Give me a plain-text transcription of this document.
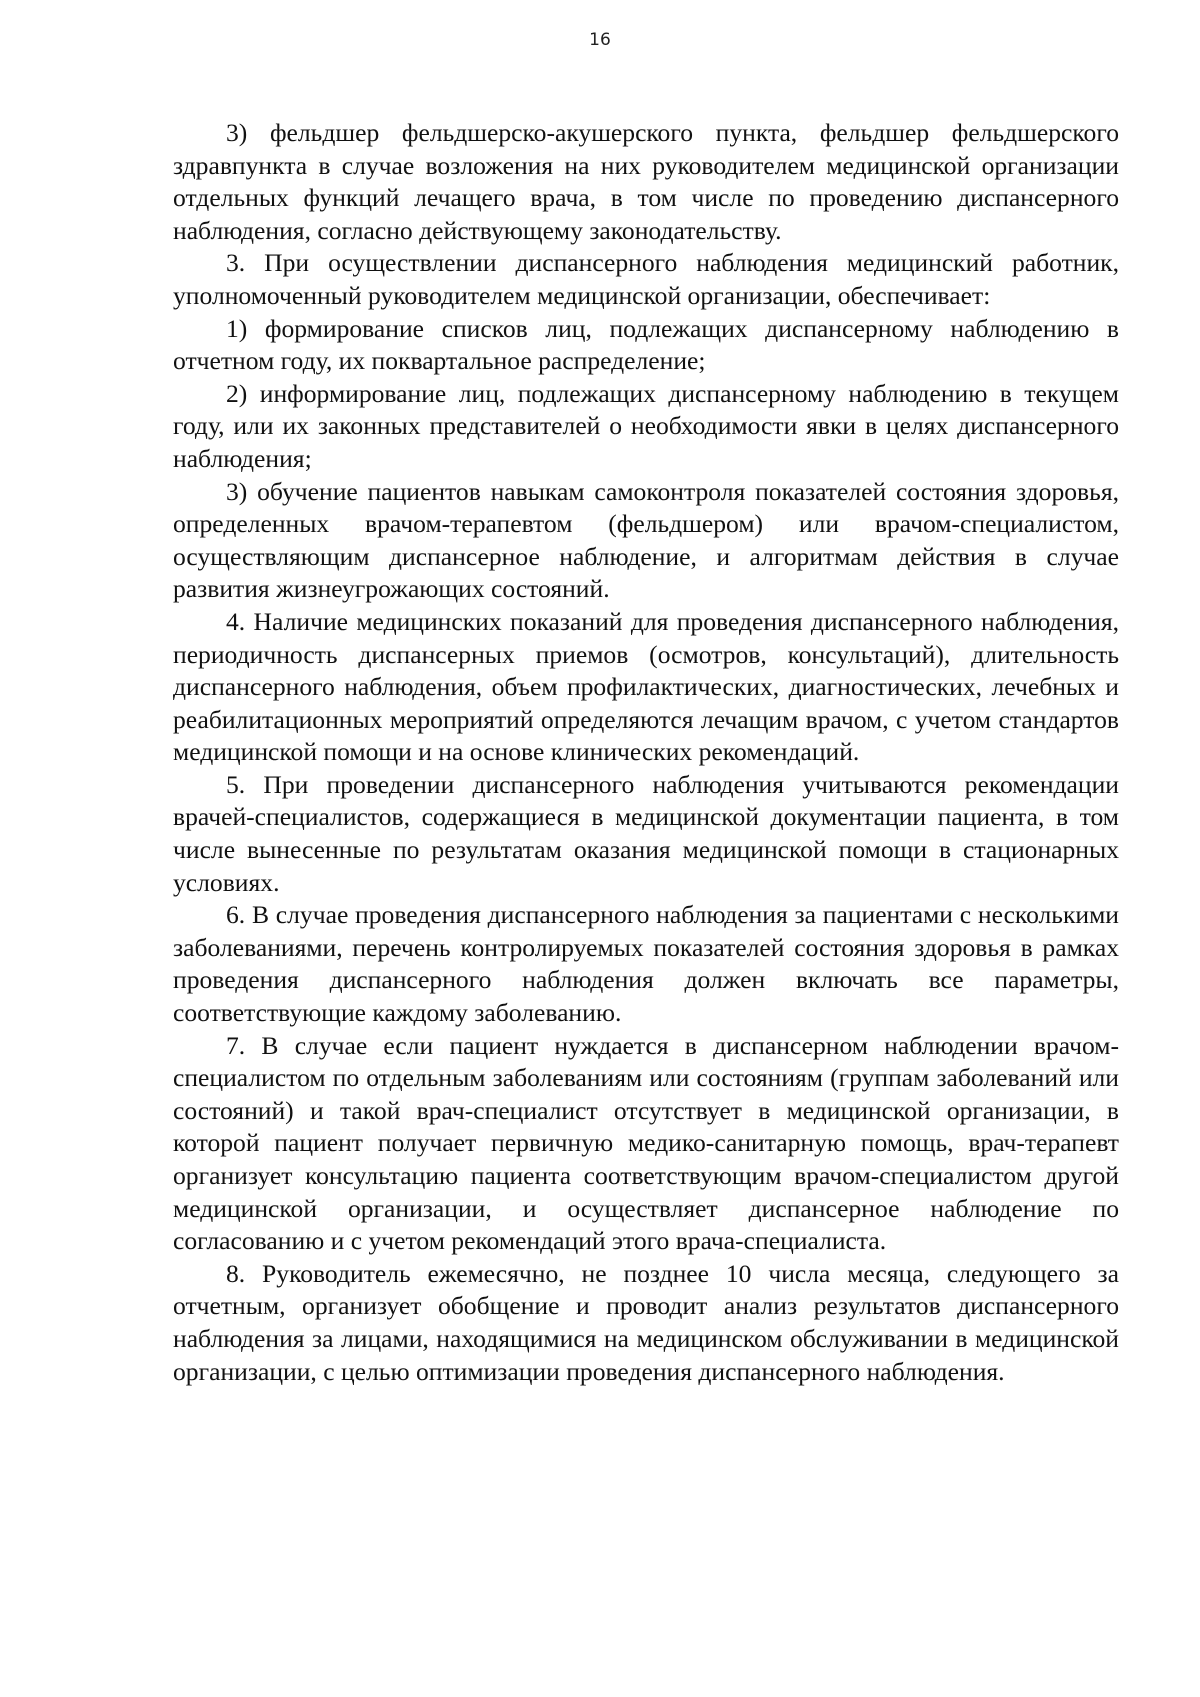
16

3) фельдшер фельдшерско-акушерского пункта, фельдшер фельдшерского здравпункта в случае возложения на них руководителем медицинской организации отдельных функций лечащего врача, в том числе по проведению диспансерного наблюдения, согласно действующему законодательству.

3. При осуществлении диспансерного наблюдения медицинский работник, уполномоченный руководителем медицинской организации, обеспечивает:

1) формирование списков лиц, подлежащих диспансерному наблюдению в отчетном году, их поквартальное распределение;

2) информирование лиц, подлежащих диспансерному наблюдению в текущем году, или их законных представителей о необходимости явки в целях диспансерного наблюдения;

3) обучение пациентов навыкам самоконтроля показателей состояния здоровья, определенных врачом-терапевтом (фельдшером) или врачом-специалистом, осуществляющим диспансерное наблюдение, и алгоритмам действия в случае развития жизнеугрожающих состояний.

4. Наличие медицинских показаний для проведения диспансерного наблюдения, периодичность диспансерных приемов (осмотров, консультаций), длительность диспансерного наблюдения, объем профилактических, диагностических, лечебных и реабилитационных мероприятий определяются лечащим врачом, с учетом стандартов медицинской помощи и на основе клинических рекомендаций.

5. При проведении диспансерного наблюдения учитываются рекомендации врачей-специалистов, содержащиеся в медицинской документации пациента, в том числе вынесенные по результатам оказания медицинской помощи в стационарных условиях.

6. В случае проведения диспансерного наблюдения за пациентами с несколькими заболеваниями, перечень контролируемых показателей состояния здоровья в рамках проведения диспансерного наблюдения должен включать все параметры, соответствующие каждому заболеванию.

7. В случае если пациент нуждается в диспансерном наблюдении врачом-специалистом по отдельным заболеваниям или состояниям (группам заболеваний или состояний) и такой врач-специалист отсутствует в медицинской организации, в которой пациент получает первичную медико-санитарную помощь, врач-терапевт организует консультацию пациента соответствующим врачом-специалистом другой медицинской организации, и осуществляет диспансерное наблюдение по согласованию и с учетом рекомендаций этого врача-специалиста.

8. Руководитель ежемесячно, не позднее 10 числа месяца, следующего за отчетным, организует обобщение и проводит анализ результатов диспансерного наблюдения за лицами, находящимися на медицинском обслуживании в медицинской организации, с целью оптимизации проведения диспансерного наблюдения.
